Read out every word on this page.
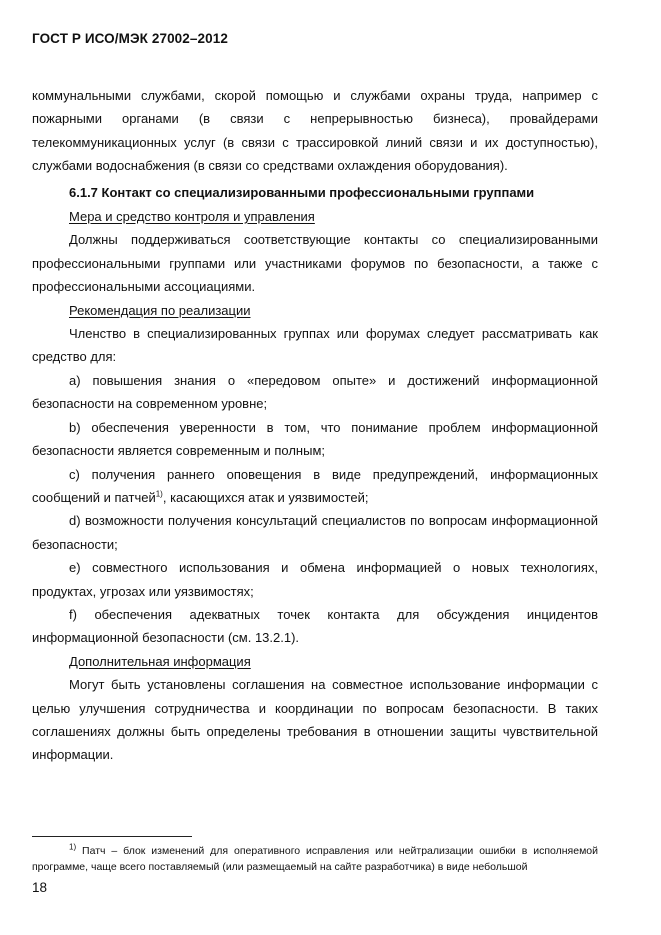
ГОСТ Р ИСО/МЭК 27002–2012

коммунальными службами, скорой помощью и службами охраны труда, например с пожарными органами (в связи с непрерывностью бизнеса), провайдерами телекоммуникационных услуг (в связи с трассировкой линий связи и их доступностью), службами водоснабжения (в связи со средствами охлаждения оборудования).

6.1.7 Контакт со специализированными профессиональными группами

Мера и средство контроля и управления

Должны поддерживаться соответствующие контакты со специализированными профессиональными группами или участниками форумов по безопасности, а также с профессиональными ассоциациями.

Рекомендация по реализации

Членство в специализированных группах или форумах следует рассматривать как средство для:

a) повышения знания о «передовом опыте» и достижений информационной безопасности на современном уровне;

b) обеспечения уверенности в том, что понимание проблем информационной безопасности является современным и полным;

c) получения раннего оповещения в виде предупреждений, информационных сообщений и патчей$^{1)}$, касающихся атак и уязвимостей;

d) возможности получения консультаций специалистов по вопросам информационной безопасности;

e) совместного использования и обмена информацией о новых технологиях, продуктах, угрозах или уязвимостях;

f) обеспечения адекватных точек контакта для обсуждения инцидентов информационной безопасности (см. 13.2.1).

Дополнительная информация

Могут быть установлены соглашения на совместное использование информации с целью улучшения сотрудничества и координации по вопросам безопасности. В таких соглашениях должны быть определены требования в отношении защиты чувствительной информации.

$^{1)}$ Патч – блок изменений для оперативного исправления или нейтрализации ошибки в исполняемой программе, чаще всего поставляемый (или размещаемый на сайте разработчика) в виде небольшой
18
